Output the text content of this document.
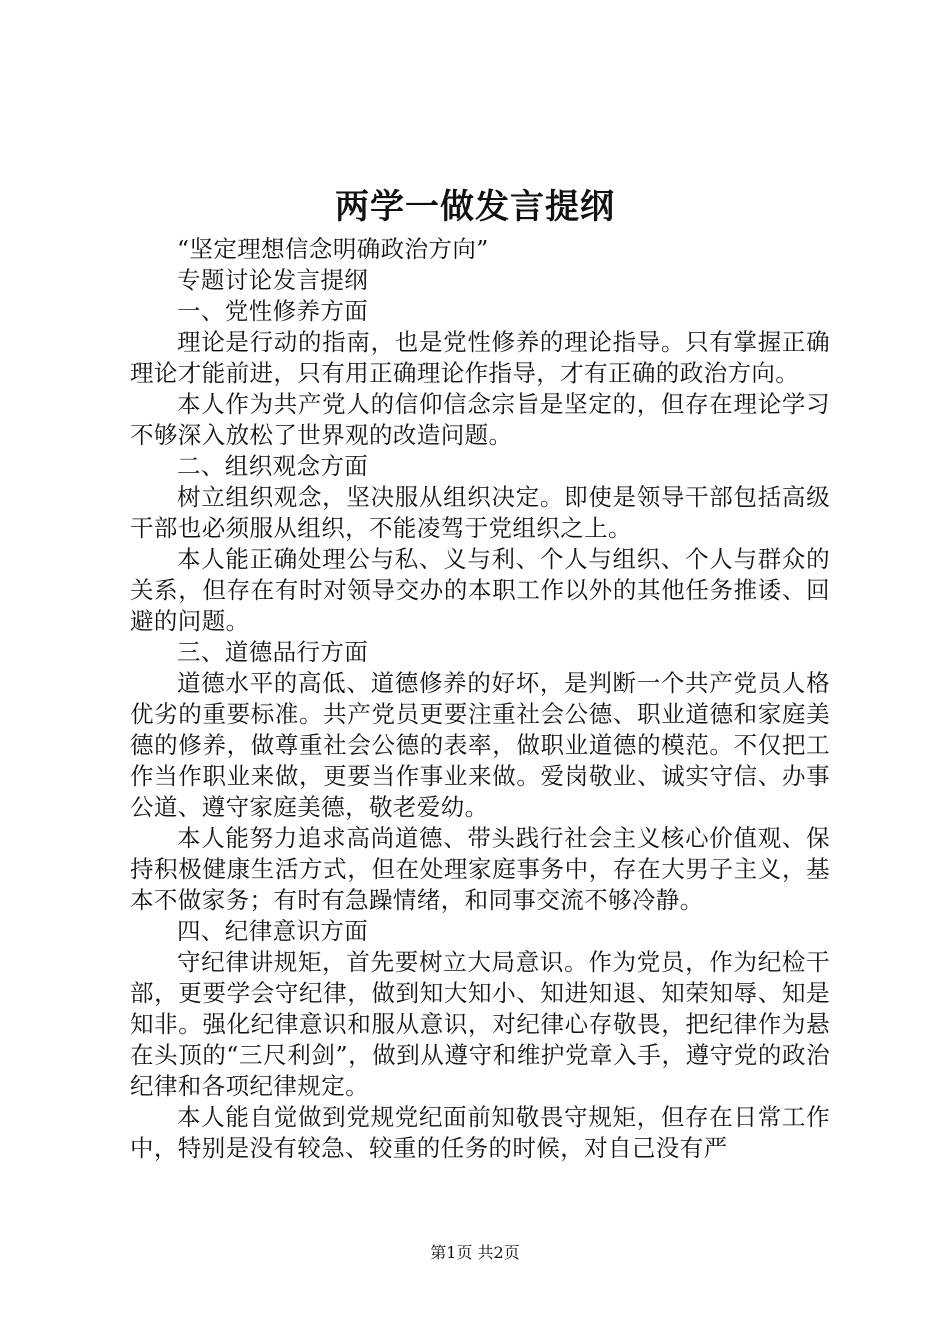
两学一做发言提纲

“坚定理想信念明确政治方向”

专题讨论发言提纲

一、党性修养方面

理论是行动的指南，也是党性修养的理论指导。只有掌握正确理论才能前进，只有用正确理论作指导，才有正确的政治方向。

本人作为共产党人的信仰信念宗旨是坚定的，但存在理论学习不够深入放松了世界观的改造问题。

二、组织观念方面

树立组织观念，坚决服从组织决定。即使是领导干部包括高级干部也必须服从组织，不能凌驾于党组织之上。

本人能正确处理公与私、义与利、个人与组织、个人与群众的关系，但存在有时对领导交办的本职工作以外的其他任务推诿、回避的问题。

三、道德品行方面

道德水平的高低、道德修养的好坏，是判断一个共产党员人格优劣的重要标准。共产党员更要注重社会公德、职业道德和家庭美德的修养，做尊重社会公德的表率，做职业道德的模范。不仅把工作当作职业来做，更要当作事业来做。爱岗敬业、诚实守信、办事公道、遵守家庭美德，敬老爱幼。

本人能努力追求高尚道德、带头践行社会主义核心价值观、保持积极健康生活方式，但在处理家庭事务中，存在大男子主义，基本不做家务；有时有急躁情绪，和同事交流不够冷静。

四、纪律意识方面

守纪律讲规矩，首先要树立大局意识。作为党员，作为纪检干部，更要学会守纪律，做到知大知小、知进知退、知荣知辱、知是知非。强化纪律意识和服从意识，对纪律心存敬畏，把纪律作为悬在头顶的“三尺利剑”，做到从遵守和维护党章入手，遵守党的政治纪律和各项纪律规定。

本人能自觉做到党规党纪面前知敬畏守规矩，但存在日常工作中，特别是没有较急、较重的任务的时候，对自己没有严

第1页 共2页
